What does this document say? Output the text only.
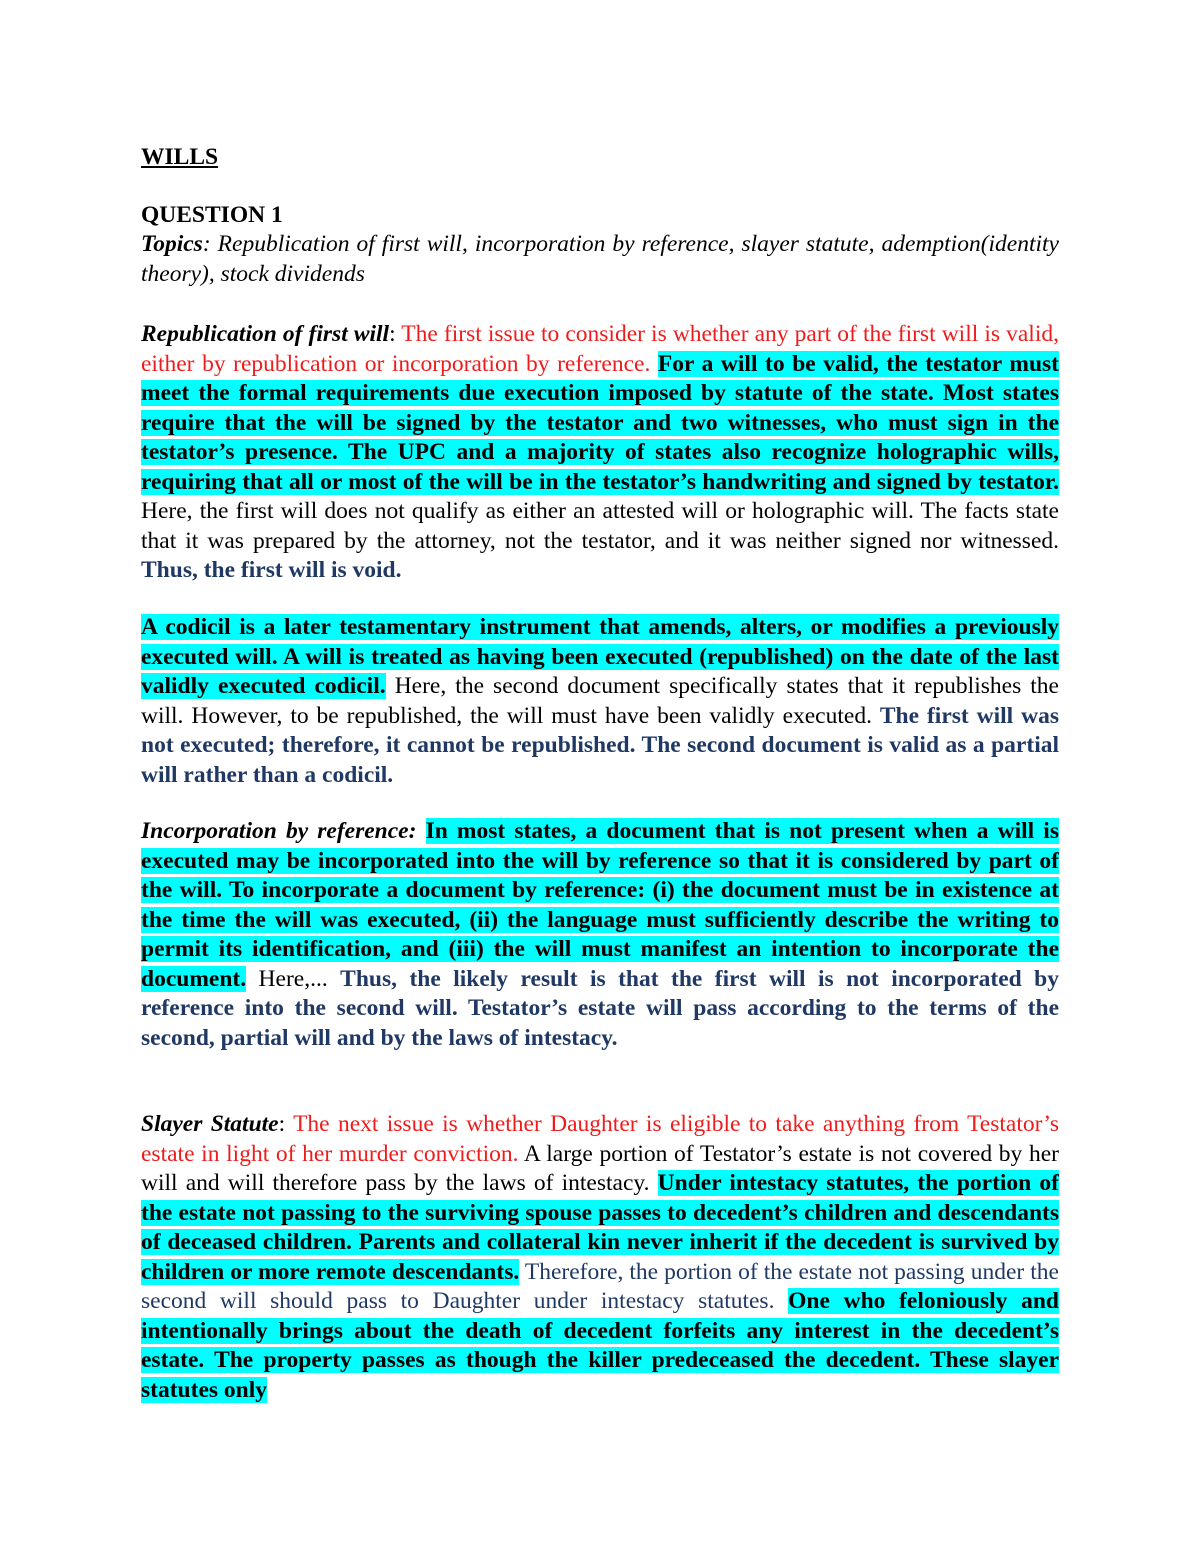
WILLS
QUESTION 1
Topics: Republication of first will, incorporation by reference, slayer statute, ademption(identity theory), stock dividends
Republication of first will: The first issue to consider is whether any part of the first will is valid, either by republication or incorporation by reference. For a will to be valid, the testator must meet the formal requirements due execution imposed by statute of the state. Most states require that the will be signed by the testator and two witnesses, who must sign in the testator’s presence. The UPC and a majority of states also recognize holographic wills, requiring that all or most of the will be in the testator’s handwriting and signed by testator. Here, the first will does not qualify as either an attested will or holographic will. The facts state that it was prepared by the attorney, not the testator, and it was neither signed nor witnessed. Thus, the first will is void.
A codicil is a later testamentary instrument that amends, alters, or modifies a previously executed will. A will is treated as having been executed (republished) on the date of the last validly executed codicil. Here, the second document specifically states that it republishes the will. However, to be republished, the will must have been validly executed. The first will was not executed; therefore, it cannot be republished. The second document is valid as a partial will rather than a codicil.
Incorporation by reference: In most states, a document that is not present when a will is executed may be incorporated into the will by reference so that it is considered by part of the will. To incorporate a document by reference: (i) the document must be in existence at the time the will was executed, (ii) the language must sufficiently describe the writing to permit its identification, and (iii) the will must manifest an intention to incorporate the document. Here,... Thus, the likely result is that the first will is not incorporated by reference into the second will. Testator’s estate will pass according to the terms of the second, partial will and by the laws of intestacy.
Slayer Statute: The next issue is whether Daughter is eligible to take anything from Testator’s estate in light of her murder conviction. A large portion of Testator’s estate is not covered by her will and will therefore pass by the laws of intestacy. Under intestacy statutes, the portion of the estate not passing to the surviving spouse passes to decedent’s children and descendants of deceased children. Parents and collateral kin never inherit if the decedent is survived by children or more remote descendants. Therefore, the portion of the estate not passing under the second will should pass to Daughter under intestacy statutes. One who feloniously and intentionally brings about the death of decedent forfeits any interest in the decedent’s estate. The property passes as though the killer predeceased the decedent. These slayer statutes only
